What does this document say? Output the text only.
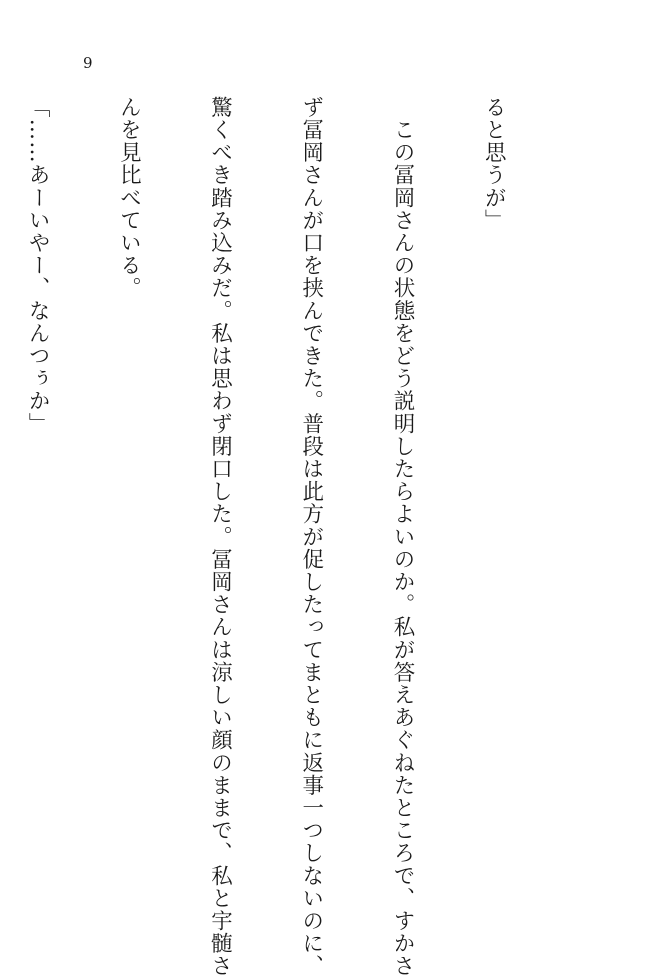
9

ると思うが」

　この冨岡さんの状態をどう説明したらよいのか。私が答えあぐねたところで、すかさ

ず冨岡さんが口を挟んできた。普段は此方が促したってまともに返事一つしないのに、

驚くべき踏み込みだ。私は思わず閉口した。冨岡さんは涼しい顔のままで、私と宇髄さ

んを見比べている。

「……あーいやー、なんつぅか」
